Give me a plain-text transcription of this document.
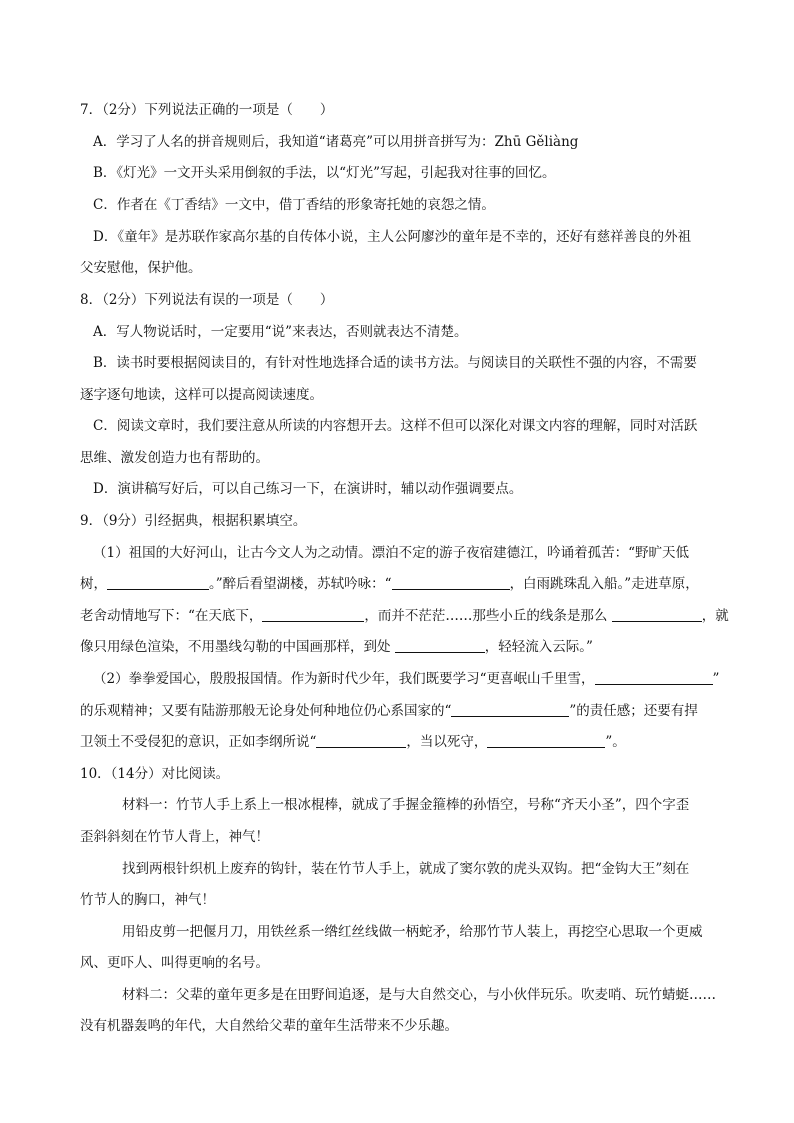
7．（2分）下列说法正确的一项是（　　）
A．学习了人名的拼音规则后，我知道“诸葛亮”可以用拼音拼写为：Zhū Gěliàng
B．《灯光》一文开头采用倒叙的手法，以“灯光”写起，引起我对往事的回忆。
C．作者在《丁香结》一文中，借丁香结的形象寄托她的哀怨之情。
D．《童年》是苏联作家高尔基的自传体小说，主人公阿廖沙的童年是不幸的，还好有慈祥善良的外祖
父安慰他，保护他。
8．（2分）下列说法有误的一项是（　　）
A．写人物说话时，一定要用“说”来表达，否则就表达不清楚。
B．读书时要根据阅读目的，有针对性地选择合适的读书方法。与阅读目的关联性不强的内容，不需要
逐字逐句地读，这样可以提高阅读速度。
C．阅读文章时，我们要注意从所读的内容想开去。这样不但可以深化对课文内容的理解，同时对活跃
思维、激发创造力也有帮助的。
D．演讲稿写好后，可以自己练习一下，在演讲时，辅以动作强调要点。
9．（9分）引经据典，根据积累填空。
（1）祖国的大好河山，让古今文人为之动情。漂泊不定的游子夜宿建德江，吟诵着孤苦：“野旷天低
树，	。”醉后看望湖楼，苏轼吟咏：“	，白雨跳珠乱入船。”走进草原，
老舍动情地写下：“在天底下，	，而并不茫茫……那些小丘的线条是那么	，就
像只用绿色渲染，不用墨线勾勒的中国画那样，到处	，轻轻流入云际。”
（2）拳拳爱国心，殷殷报国情。作为新时代少年，我们既要学习“更喜岷山千里雪，	”
的乐观精神；又要有陆游那般无论身处何种地位仍心系国家的“	”的责任感；还要有捍
卫领土不受侵犯的意识，正如李纲所说“	，当以死守，	”。
10．（14分）对比阅读。
材料一：竹节人手上系上一根冰棍棒，就成了手握金箍棒的孙悟空，号称“齐天小圣”，四个字歪
歪斜斜刻在竹节人背上，神气！
找到两根针织机上废弃的钩针，装在竹节人手上，就成了窦尔敦的虎头双钩。把“金钩大王”刻在
竹节人的胸口，神气！
用铅皮剪一把偃月刀，用铁丝系一绺红丝线做一柄蛇矛，给那竹节人装上，再挖空心思取一个更威
风、更吓人、叫得更响的名号。
材料二：父辈的童年更多是在田野间追逐，是与大自然交心，与小伙伴玩乐。吹麦哨、玩竹蜻蜓……
没有机器轰鸣的年代，大自然给父辈的童年生活带来不少乐趣。
